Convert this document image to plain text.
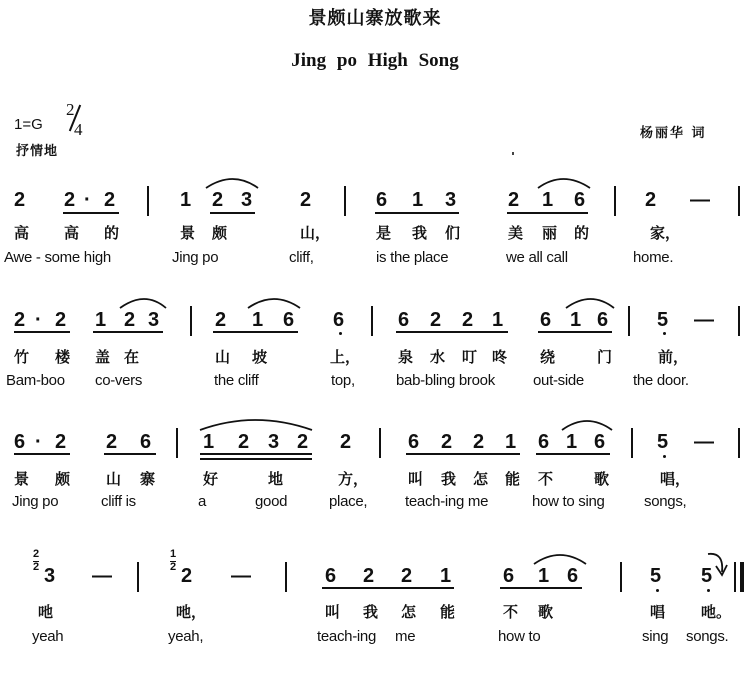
景颇山寨放歌来
Jing po High Song
1=G
2
4
抒情地
杨丽华 词
2 2 · 2	1 2 3 2	6 1 3	2 1 6	2 —
高 高 的	景 颇	山，	是 我 们	美 丽 的	家，
Awe - some high	Jing po	cliff,	is the place	we all call	home.
2 · 2 1 2 3	2 1 6 6	6 2 2 1 6 1 6 5 —
竹 楼 盖 在	山 坡	上，	泉 水 叮 咚 绕	门	前，
Bam-boo co-vers	the cliff	top,	bab-bling brook	out-side	the door.
6 · 2 2 6	1 2 3 2 2	6 2 2 1 6 1 6	5 —
景 颇 山 寨	好	地	方，	叫 我 怎 能 不	歌	唱，
Jing po	cliff is	a	good	place,	teach-ing me	how to sing	songs,
2
2 3 —
1
2 2 —	6 2 2 1	6 1 6	5 5
吔	吔，	叫 我 怎 能	不 歌	唱 吔。
yeah	yeah,	teach-ing me	how to	sing songs.
